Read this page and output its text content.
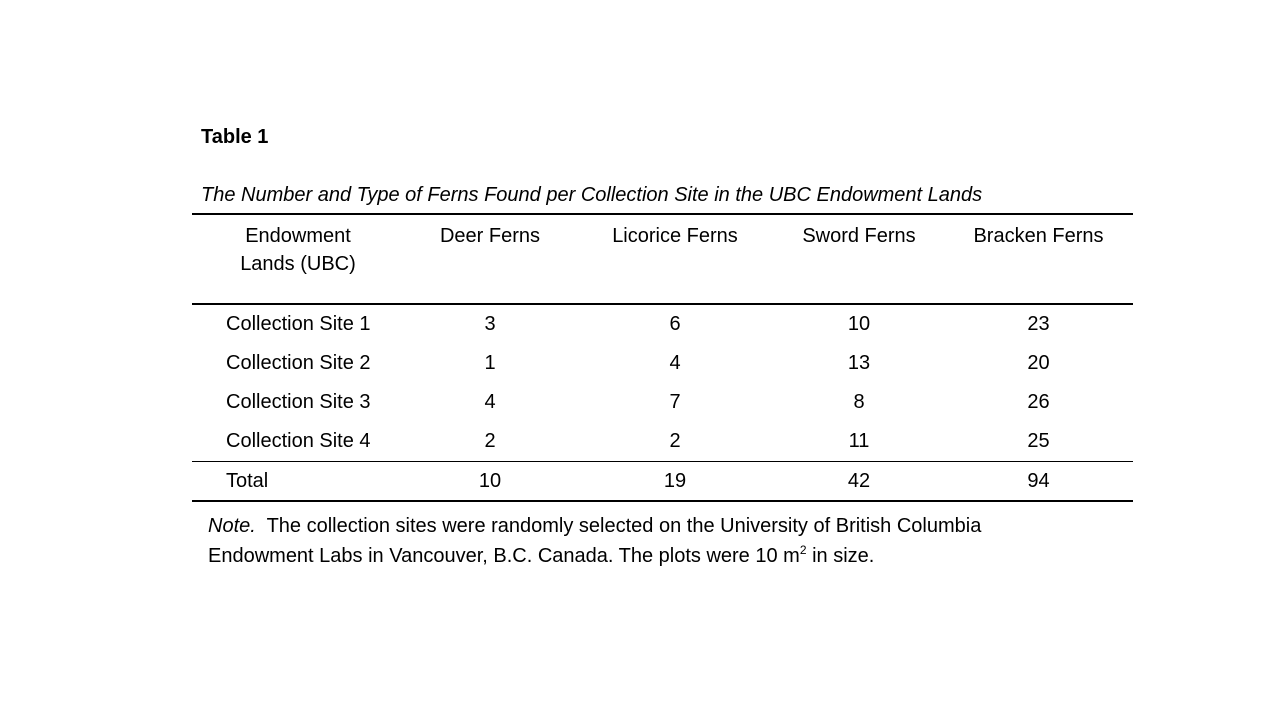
Table 1
The Number and Type of Ferns Found per Collection Site in the UBC Endowment Lands
Endowment
Lands (UBC)	Deer Ferns	Licorice Ferns	Sword Ferns	Bracken Ferns
Collection Site 1	3	6	10	23
Collection Site 2	1	4	13	20
Collection Site 3	4	7	8	26
Collection Site 4	2	2	11	25
Total	10	19	42	94
Note. The collection sites were randomly selected on the University of British Columbia
Endowment Labs in Vancouver, B.C. Canada. The plots were 10 $m^2$ in size.
